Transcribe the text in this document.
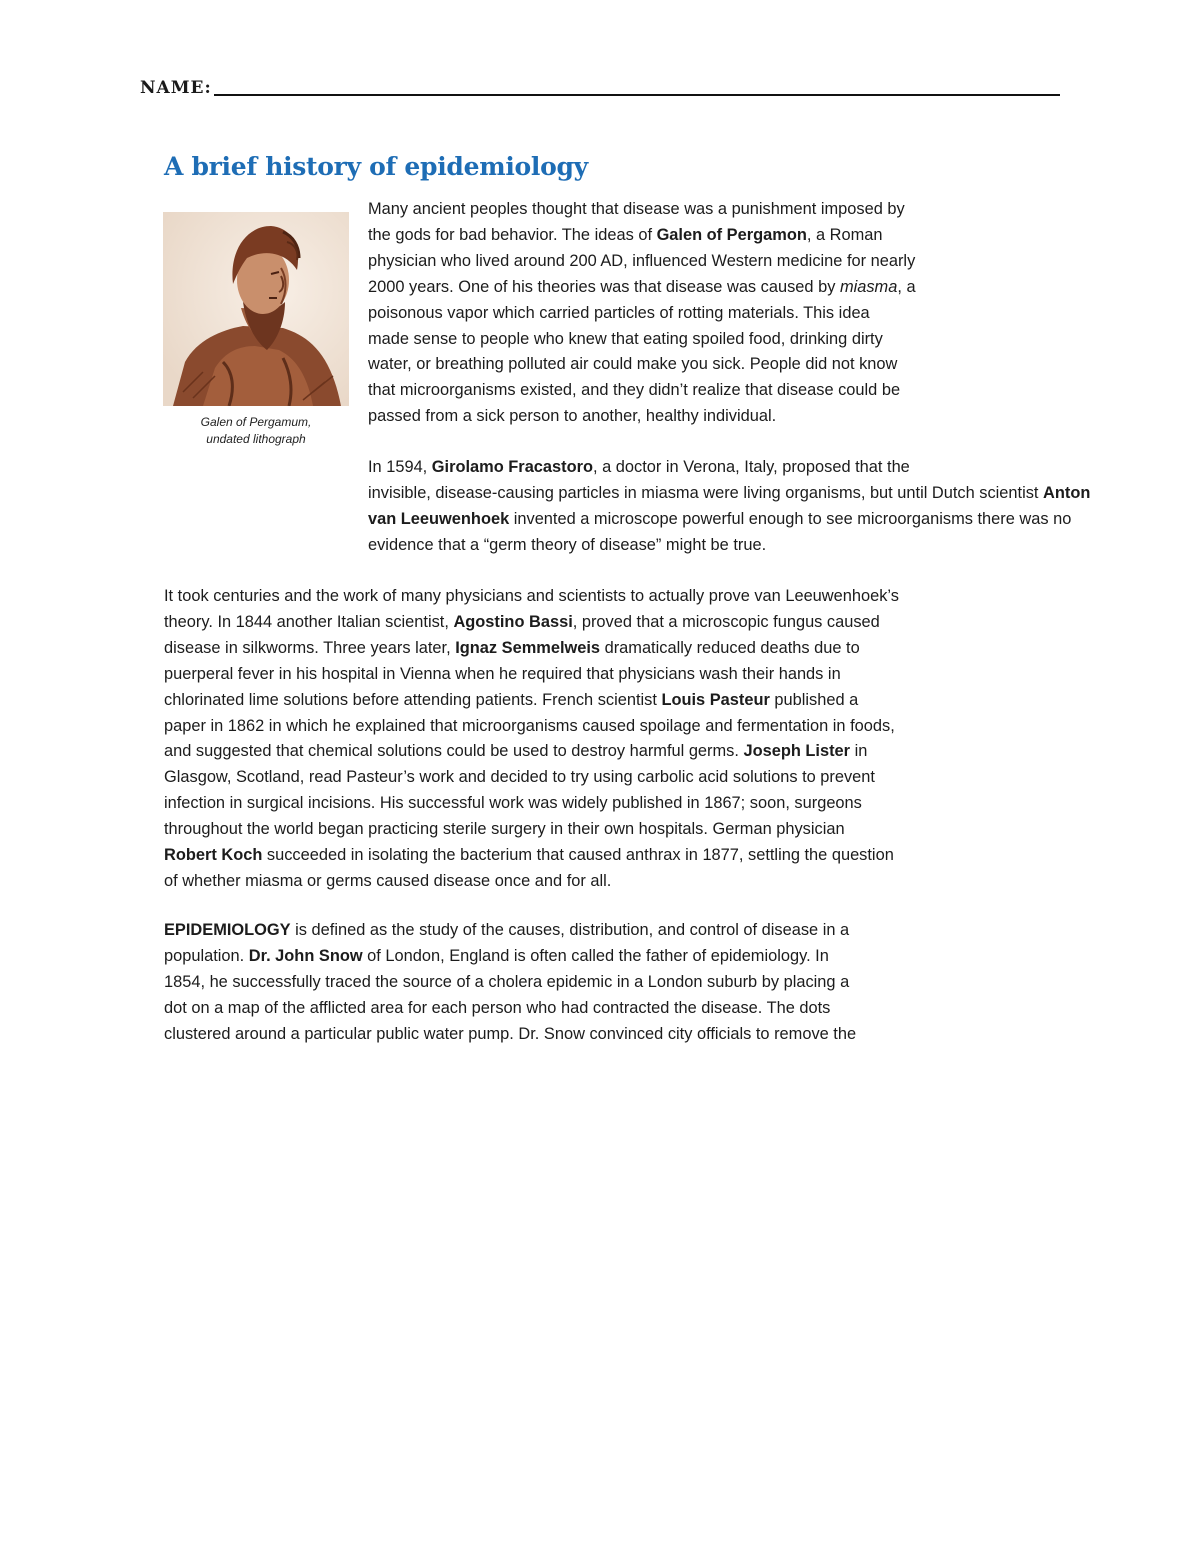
NAME:
A brief history of epidemiology
Galen of Pergamum,
undated lithograph

Many ancient peoples thought that disease was a punishment imposed by
the gods for bad behavior. The ideas of Galen of Pergamon, a Roman
physician who lived around 200 AD, influenced Western medicine for nearly
2000 years. One of his theories was that disease was caused by miasma, a
poisonous vapor which carried particles of rotting materials. This idea
made sense to people who knew that eating spoiled food, drinking dirty
water, or breathing polluted air could make you sick. People did not know
that microorganisms existed, and they didn’t realize that disease could be
passed from a sick person to another, healthy individual.

In 1594, Girolamo Fracastoro, a doctor in Verona, Italy, proposed that the
invisible, disease-causing particles in miasma were living organisms, but until Dutch scientist Anton
van Leeuwenhoek invented a microscope powerful enough to see microorganisms there was no
evidence that a “germ theory of disease” might be true.

It took centuries and the work of many physicians and scientists to actually prove van Leeuwenhoek’s
theory. In 1844 another Italian scientist, Agostino Bassi, proved that a microscopic fungus caused
disease in silkworms. Three years later, Ignaz Semmelweis dramatically reduced deaths due to
puerperal fever in his hospital in Vienna when he required that physicians wash their hands in
chlorinated lime solutions before attending patients. French scientist Louis Pasteur published a
paper in 1862 in which he explained that microorganisms caused spoilage and fermentation in foods,
and suggested that chemical solutions could be used to destroy harmful germs. Joseph Lister in
Glasgow, Scotland, read Pasteur’s work and decided to try using carbolic acid solutions to prevent
infection in surgical incisions. His successful work was widely published in 1867; soon, surgeons
throughout the world began practicing sterile surgery in their own hospitals. German physician
Robert Koch succeeded in isolating the bacterium that caused anthrax in 1877, settling the question
of whether miasma or germs caused disease once and for all.

EPIDEMIOLOGY is defined as the study of the causes, distribution, and control of disease in a
population. Dr. John Snow of London, England is often called the father of epidemiology. In
1854, he successfully traced the source of a cholera epidemic in a London suburb by placing a
dot on a map of the afflicted area for each person who had contracted the disease. The dots
clustered around a particular public water pump. Dr. Snow convinced city officials to remove the
